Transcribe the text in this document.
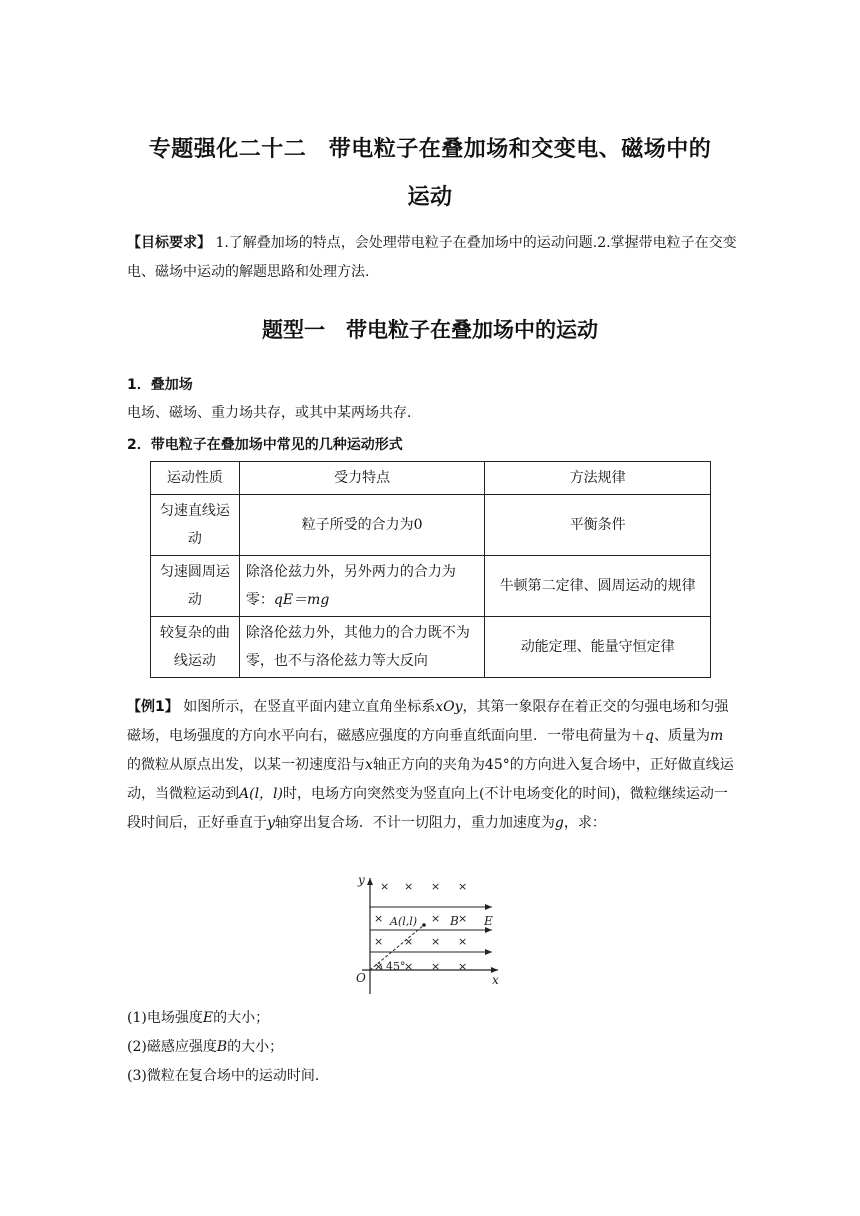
专题强化二十二　带电粒子在叠加场和交变电、磁场中的
运动
【目标要求】 1.了解叠加场的特点，会处理带电粒子在叠加场中的运动问题.2.掌握带电粒子在交变电、磁场中运动的解题思路和处理方法.
题型一　带电粒子在叠加场中的运动
1．叠加场
电场、磁场、重力场共存，或其中某两场共存．
2．带电粒子在叠加场中常见的几种运动形式
运动性质	受力特点	方法规律
匀速直线运动	粒子所受的合力为0	平衡条件
匀速圆周运动	除洛伦兹力外，另外两力的合力为零：qE＝mg	牛顿第二定律、圆周运动的规律
较复杂的曲线运动	除洛伦兹力外，其他力的合力既不为零，也不与洛伦兹力等大反向	动能定理、能量守恒定律
【例1】 如图所示，在竖直平面内建立直角坐标系xOy，其第一象限存在着正交的匀强电场和匀强磁场，电场强度的方向水平向右，磁感应强度的方向垂直纸面向里．一带电荷量为＋q、质量为m的微粒从原点出发，以某一初速度沿与x轴正方向的夹角为45°的方向进入复合场中，正好做直线运动，当微粒运动到A(l，l)时，电场方向突然变为竖直向上(不计电场变化的时间)，微粒继续运动一段时间后，正好垂直于y轴穿出复合场．不计一切阻力，重力加速度为g，求：
× × × ×
×	× ×
× × × ×
× × × ×
y
x
O
A(l,l)	B E
45°
(1)电场强度E的大小；
(2)磁感应强度B的大小；
(3)微粒在复合场中的运动时间．
